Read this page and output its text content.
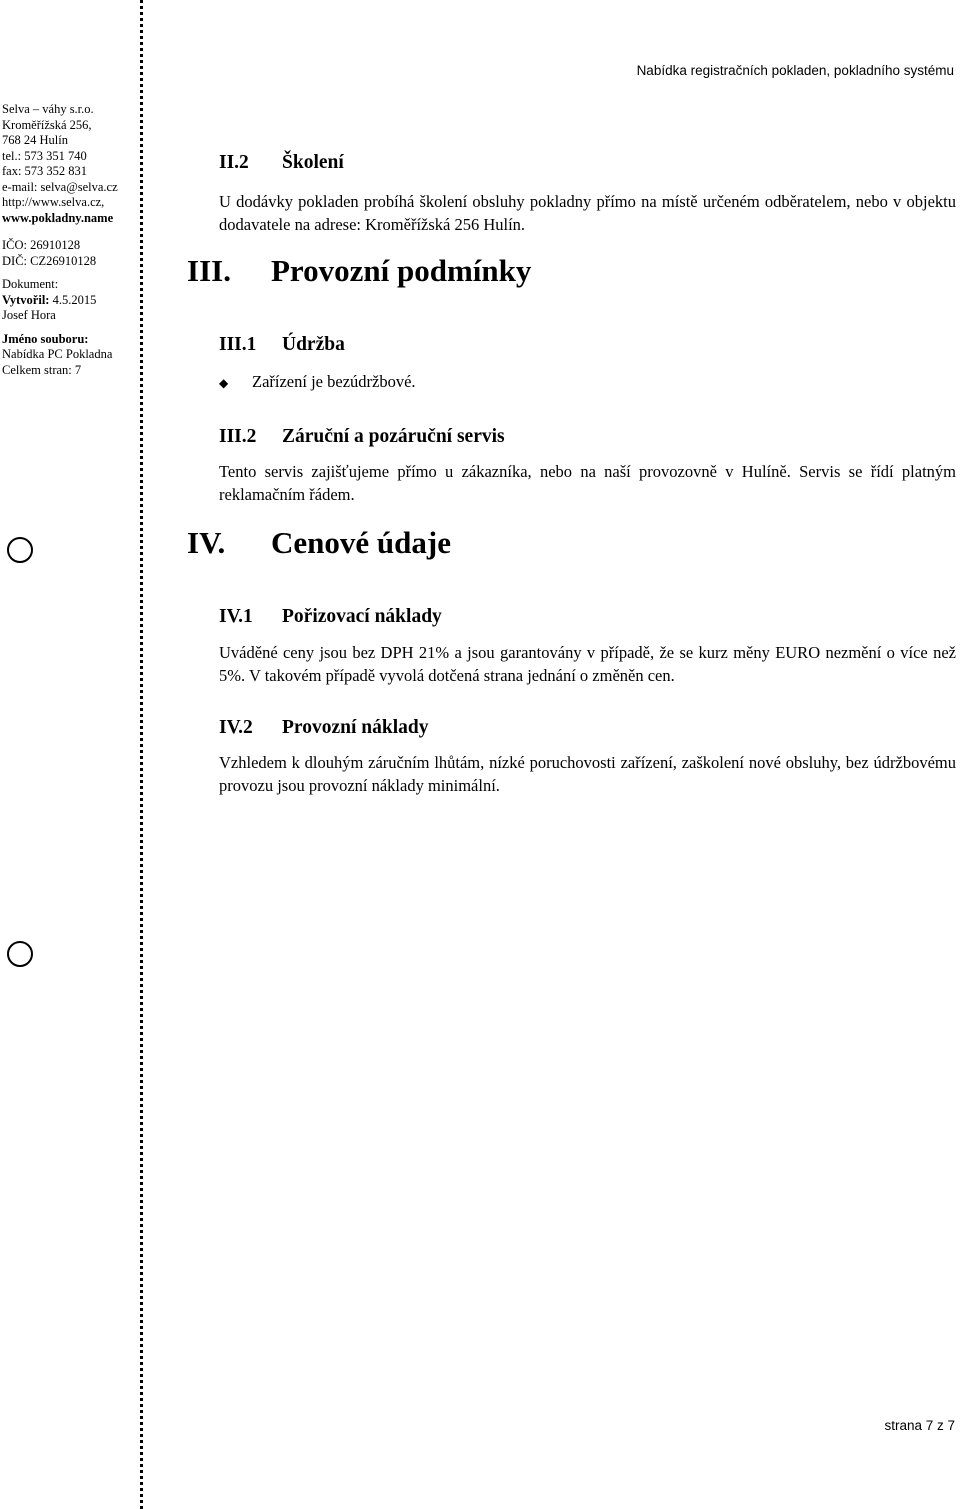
Nabídka registračních pokladen, pokladního systému
Selva – váhy s.r.o.
Kroměřížská 256,
768 24 Hulín
tel.: 573 351 740
fax: 573 352 831
e-mail: selva@selva.cz
http://www.selva.cz,
www.pokladny.name
IČO: 26910128
DIČ: CZ26910128
Dokument:
Vytvořil: 4.5.2015
Josef Hora
Jméno souboru:
Nabídka PC Pokladna
Celkem stran: 7
II.2 Školení
U dodávky pokladen probíhá školení obsluhy pokladny přímo na místě určeném odběratelem, nebo v objektu dodavatele na adrese: Kroměřížská 256 Hulín.
III. Provozní podmínky
III.1 Údržba
◆ Zařízení je bezúdržbové.
III.2 Záruční a pozáruční servis
Tento servis zajišťujeme přímo u zákazníka, nebo na naší provozovně v Hulíně. Servis se řídí platným reklamačním řádem.
IV. Cenové údaje
IV.1 Pořizovací náklady
Uváděné ceny jsou bez DPH 21% a jsou garantovány v případě, že se kurz měny EURO nezmění o více než 5%. V takovém případě vyvolá dotčená strana jednání o změněn cen.
IV.2 Provozní náklady
Vzhledem k dlouhým záručním lhůtám, nízké poruchovosti zařízení, zaškolení nové obsluhy, bez údržbovému provozu jsou provozní náklady minimální.
strana 7 z 7
